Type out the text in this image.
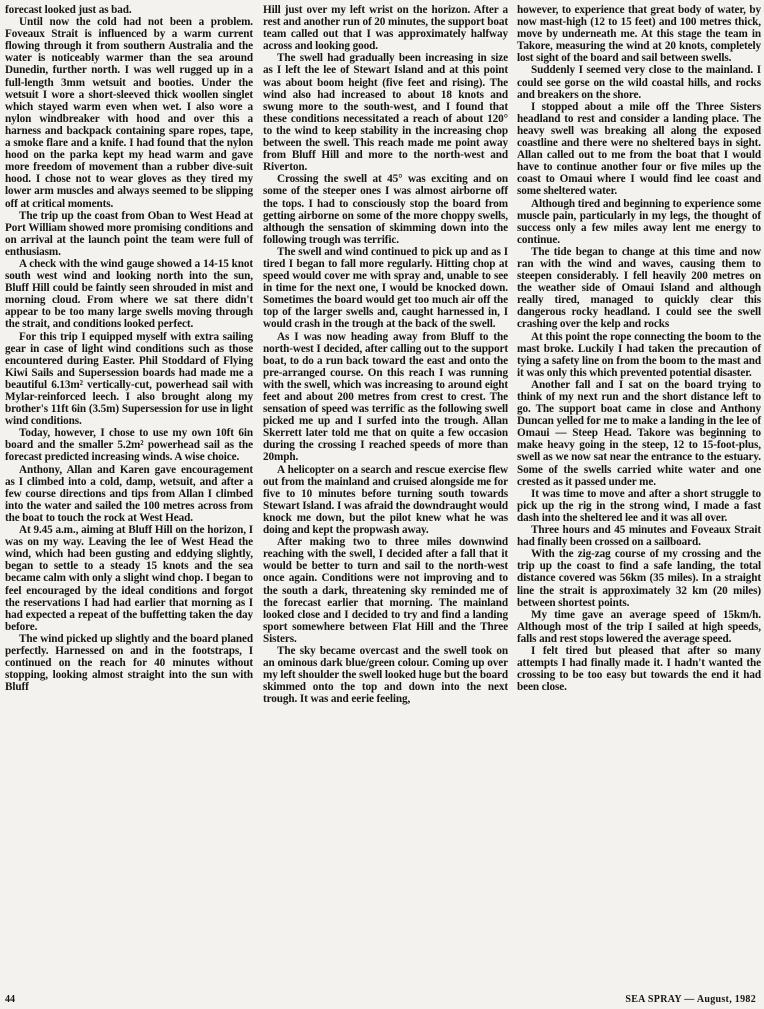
forecast looked just as bad.

Until now the cold had not been a problem. Foveaux Strait is influenced by a warm current flowing through it from southern Australia and the water is noticeably warmer than the sea around Dunedin, further north. I was well rugged up in a full-length 3mm wetsuit and booties. Under the wetsuit I wore a short-sleeved thick woollen singlet which stayed warm even when wet. I also wore a nylon windbreaker with hood and over this a harness and backpack containing spare ropes, tape, a smoke flare and a knife. I had found that the nylon hood on the parka kept my head warm and gave more freedom of movement than a rubber dive-suit hood. I chose not to wear gloves as they tired my lower arm muscles and always seemed to be slipping off at critical moments.

The trip up the coast from Oban to West Head at Port William showed more promising conditions and on arrival at the launch point the team were full of enthusiasm.

A check with the wind gauge showed a 14-15 knot south west wind and looking north into the sun, Bluff Hill could be faintly seen shrouded in mist and morning cloud. From where we sat there didn't appear to be too many large swells moving through the strait, and conditions looked perfect.

For this trip I equipped myself with extra sailing gear in case of light wind conditions such as those encountered during Easter. Phil Stoddard of Flying Kiwi Sails and Supersession boards had made me a beautiful 6.13m² vertically-cut, powerhead sail with Mylar-reinforced leech. I also brought along my brother's 11ft 6in (3.5m) Supersession for use in light wind conditions.

Today, however, I chose to use my own 10ft 6in board and the smaller 5.2m² powerhead sail as the forecast predicted increasing winds. A wise choice.

Anthony, Allan and Karen gave encouragement as I climbed into a cold, damp, wetsuit, and after a few course directions and tips from Allan I climbed into the water and sailed the 100 metres across from the boat to touch the rock at West Head.

At 9.45 a.m., aiming at Bluff Hill on the horizon, I was on my way. Leaving the lee of West Head the wind, which had been gusting and eddying slightly, began to settle to a steady 15 knots and the sea became calm with only a slight wind chop. I began to feel encouraged by the ideal conditions and forgot the reservations I had had earlier that morning as I had expected a repeat of the buffetting taken the day before.

The wind picked up slightly and the board planed perfectly. Harnessed on and in the footstraps, I continued on the reach for 40 minutes without stopping, looking almost straight into the sun with Bluff

Hill just over my left wrist on the horizon. After a rest and another run of 20 minutes, the support boat team called out that I was approximately halfway across and looking good.

The swell had gradually been increasing in size as I left the lee of Stewart Island and at this point was about boom height (five feet and rising). The wind also had increased to about 18 knots and swung more to the south-west, and I found that these conditions necessitated a reach of about 120° to the wind to keep stability in the increasing chop between the swell. This reach made me point away from Bluff Hill and more to the north-west and Riverton.

Crossing the swell at 45° was exciting and on some of the steeper ones I was almost airborne off the tops. I had to consciously stop the board from getting airborne on some of the more choppy swells, although the sensation of skimming down into the following trough was terrific.

The swell and wind continued to pick up and as I tired I began to fall more regularly. Hitting chop at speed would cover me with spray and, unable to see in time for the next one, I would be knocked down. Sometimes the board would get too much air off the top of the larger swells and, caught harnessed in, I would crash in the trough at the back of the swell.

As I was now heading away from Bluff to the north-west I decided, after calling out to the support boat, to do a run back toward the east and onto the pre-arranged course. On this reach I was running with the swell, which was increasing to around eight feet and about 200 metres from crest to crest. The sensation of speed was terrific as the following swell picked me up and I surfed into the trough. Allan Skerrett later told me that on quite a few occasion during the crossing I reached speeds of more than 20mph.

A helicopter on a search and rescue exercise flew out from the mainland and cruised alongside me for five to 10 minutes before turning south towards Stewart Island. I was afraid the downdraught would knock me down, but the pilot knew what he was doing and kept the propwash away.

After making two to three miles downwind reaching with the swell, I decided after a fall that it would be better to turn and sail to the north-west once again. Conditions were not improving and to the south a dark, threatening sky reminded me of the forecast earlier that morning. The mainland looked close and I decided to try and find a landing sport somewhere between Flat Hill and the Three Sisters.

The sky became overcast and the swell took on an ominous dark blue/green colour. Coming up over my left shoulder the swell looked huge but the board skimmed onto the top and down into the next trough. It was and eerie feeling,

however, to experience that great body of water, by now mast-high (12 to 15 feet) and 100 metres thick, move by underneath me. At this stage the team in Takore, measuring the wind at 20 knots, completely lost sight of the board and sail between swells.

Suddenly I seemed very close to the mainland. I could see gorse on the wild coastal hills, and rocks and breakers on the shore.

I stopped about a mile off the Three Sisters headland to rest and consider a landing place. The heavy swell was breaking all along the exposed coastline and there were no sheltered bays in sight. Allan called out to me from the boat that I would have to continue another four or five miles up the coast to Omaui where I would find lee coast and some sheltered water.

Although tired and beginning to experience some muscle pain, particularly in my legs, the thought of success only a few miles away lent me energy to continue.

The tide began to change at this time and now ran with the wind and waves, causing them to steepen considerably. I fell heavily 200 metres on the weather side of Omaui Island and although really tired, managed to quickly clear this dangerous rocky headland. I could see the swell crashing over the kelp and rocks

At this point the rope connecting the boom to the mast broke. Luckily I had taken the precaution of tying a safety line on from the boom to the mast and it was only this which prevented potential disaster.

Another fall and I sat on the board trying to think of my next run and the short distance left to go. The support boat came in close and Anthony Duncan yelled for me to make a landing in the lee of Omaui — Steep Head. Takore was beginning to make heavy going in the steep, 12 to 15-foot-plus, swell as we now sat near the entrance to the estuary. Some of the swells carried white water and one crested as it passed under me.

It was time to move and after a short struggle to pick up the rig in the strong wind, I made a fast dash into the sheltered lee and it was all over.

Three hours and 45 minutes and Foveaux Strait had finally been crossed on a sailboard.

With the zig-zag course of my crossing and the trip up the coast to find a safe landing, the total distance covered was 56km (35 miles). In a straight line the strait is approximately 32 km (20 miles) between shortest points.

My time gave an average speed of 15km/h. Although most of the trip I sailed at high speeds, falls and rest stops lowered the average speed.

I felt tired but pleased that after so many attempts I had finally made it. I hadn't wanted the crossing to be too easy but towards the end it had been close.

44	SEA SPRAY — August, 1982
